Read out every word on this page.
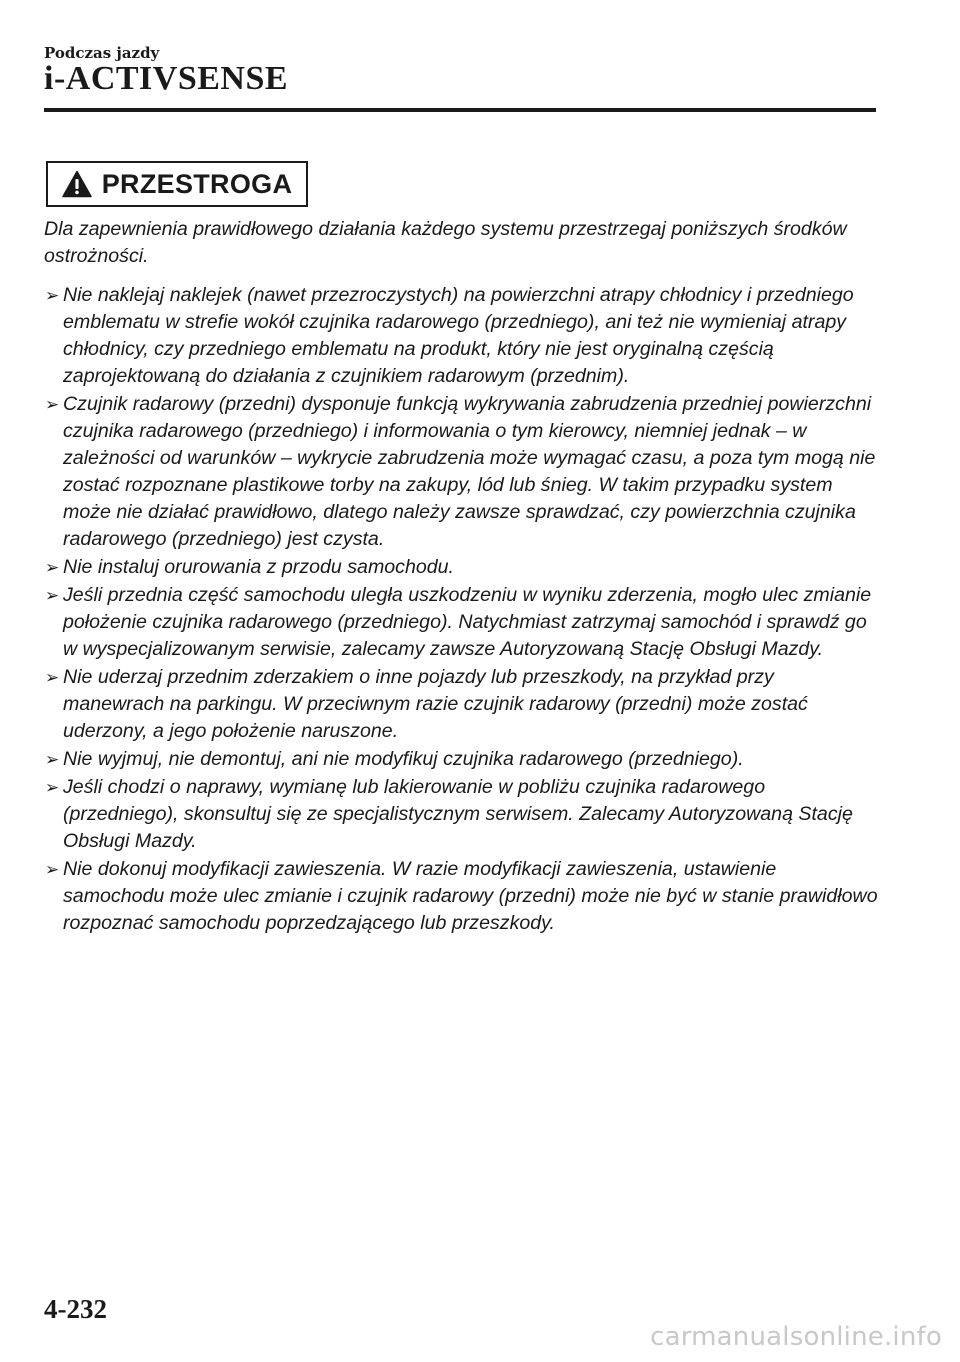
Podczas jazdy
i-ACTIVSENSE
PRZESTROGA

Dla zapewnienia prawidłowego działania każdego systemu przestrzegaj poniższych środków ostrożności.

➢ Nie naklejaj naklejek (nawet przezroczystych) na powierzchni atrapy chłodnicy i przedniego emblematu w strefie wokół czujnika radarowego (przedniego), ani też nie wymieniaj atrapy chłodnicy, czy przedniego emblematu na produkt, który nie jest oryginalną częścią zaprojektowaną do działania z czujnikiem radarowym (przednim).
➢ Czujnik radarowy (przedni) dysponuje funkcją wykrywania zabrudzenia przedniej powierzchni czujnika radarowego (przedniego) i informowania o tym kierowcy, niemniej jednak – w zależności od warunków – wykrycie zabrudzenia może wymagać czasu, a poza tym mogą nie zostać rozpoznane plastikowe torby na zakupy, lód lub śnieg. W takim przypadku system może nie działać prawidłowo, dlatego należy zawsze sprawdzać, czy powierzchnia czujnika radarowego (przedniego) jest czysta.
➢ Nie instaluj orurowania z przodu samochodu.
➢ Jeśli przednia część samochodu uległa uszkodzeniu w wyniku zderzenia, mogło ulec zmianie położenie czujnika radarowego (przedniego). Natychmiast zatrzymaj samochód i sprawdź go w wyspecjalizowanym serwisie, zalecamy zawsze Autoryzowaną Stację Obsługi Mazdy.
➢ Nie uderzaj przednim zderzakiem o inne pojazdy lub przeszkody, na przykład przy manewrach na parkingu. W przeciwnym razie czujnik radarowy (przedni) może zostać uderzony, a jego położenie naruszone.
➢ Nie wyjmuj, nie demontuj, ani nie modyfikuj czujnika radarowego (przedniego).
➢ Jeśli chodzi o naprawy, wymianę lub lakierowanie w pobliżu czujnika radarowego (przedniego), skonsultuj się ze specjalistycznym serwisem. Zalecamy Autoryzowaną Stację Obsługi Mazdy.
➢ Nie dokonuj modyfikacji zawieszenia. W razie modyfikacji zawieszenia, ustawienie samochodu może ulec zmianie i czujnik radarowy (przedni) może nie być w stanie prawidłowo rozpoznać samochodu poprzedzającego lub przeszkody.
4-232
carmanualsonline.info
